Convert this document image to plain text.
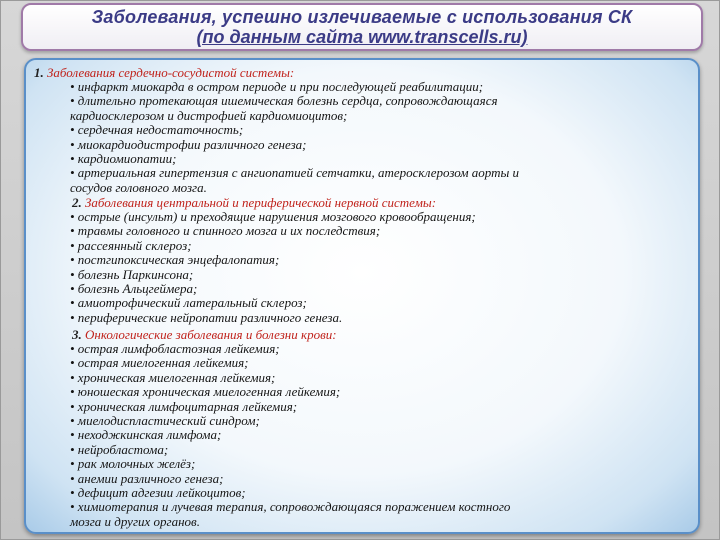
Заболевания, успешно излечиваемые с использования СК
(по данным сайта www.transcells.ru)
1. Заболевания сердечно-сосудистой системы:
• инфаркт миокарда в остром периоде и при последующей реабилитации;
• длительно протекающая ишемическая болезнь сердца, сопровождающаяся
кардиосклерозом и дистрофией кардиомиоцитов;
• сердечная недостаточность;
• миокардиодистрофии различного генеза;
• кардиомиопатии;
• артериальная гипертензия с ангиопатией сетчатки, атеросклерозом аорты и
сосудов головного мозга.
2. Заболевания центральной и периферической нервной системы:
• острые (инсульт) и преходящие нарушения мозгового кровообращения;
• травмы головного и спинного мозга и их последствия;
• рассеянный склероз;
• постгипоксическая энцефалопатия;
• болезнь Паркинсона;
• болезнь Альцгеймера;
• амиотрофический латеральный склероз;
• периферические нейропатии различного генеза.
3. Онкологические заболевания и болезни крови:
• острая лимфобластозная лейкемия;
• острая миелогенная лейкемия;
• хроническая миелогенная лейкемия;
• юношеская хроническая миелогенная лейкемия;
• хроническая лимфоцитарная лейкемия;
• миелодиспластический синдром;
• неходжкинская лимфома;
• нейробластома;
• рак молочных желёз;
• анемии различного генеза;
• дефицит адгезии лейкоцитов;
• химиотерапия и лучевая терапия, сопровождающаяся поражением костного
мозга и других органов.
